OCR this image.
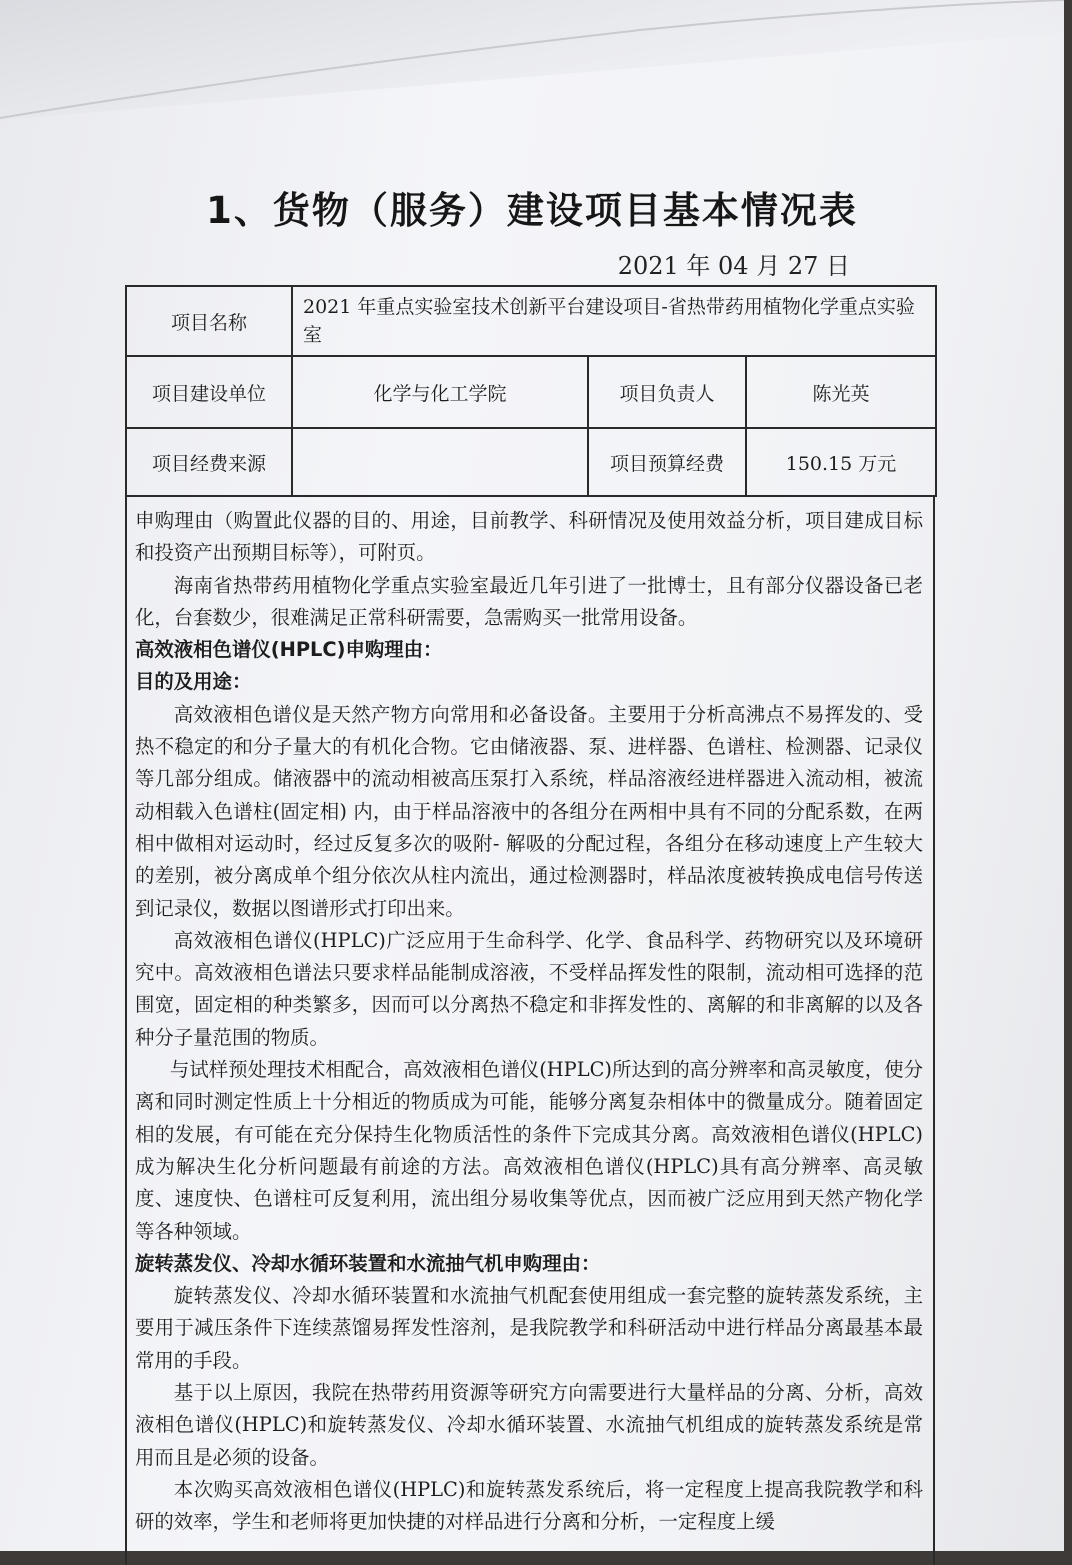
1、货物（服务）建设项目基本情况表
2021 年 04 月 27 日
项目名称	2021 年重点实验室技术创新平台建设项目-省热带药用植物化学重点实验室		
项目建设单位	化学与化工学院	项目负责人	陈光英
项目经费来源		项目预算经费	150.15 万元

申购理由（购置此仪器的目的、用途，目前教学、科研情况及使用效益分析，项目建成目标和投资产出预期目标等），可附页。

海南省热带药用植物化学重点实验室最近几年引进了一批博士，且有部分仪器设备已老化，台套数少，很难满足正常科研需要，急需购买一批常用设备。

高效液相色谱仪(HPLC)申购理由：

目的及用途：

高效液相色谱仪是天然产物方向常用和必备设备。主要用于分析高沸点不易挥发的、受热不稳定的和分子量大的有机化合物。它由储液器、泵、进样器、色谱柱、检测器、记录仪等几部分组成。储液器中的流动相被高压泵打入系统，样品溶液经进样器进入流动相，被流动相载入色谱柱(固定相) 内，由于样品溶液中的各组分在两相中具有不同的分配系数，在两相中做相对运动时，经过反复多次的吸附- 解吸的分配过程，各组分在移动速度上产生较大的差别，被分离成单个组分依次从柱内流出，通过检测器时，样品浓度被转换成电信号传送到记录仪，数据以图谱形式打印出来。

高效液相色谱仪(HPLC)广泛应用于生命科学、化学、食品科学、药物研究以及环境研究中。高效液相色谱法只要求样品能制成溶液，不受样品挥发性的限制，流动相可选择的范围宽，固定相的种类繁多，因而可以分离热不稳定和非挥发性的、离解的和非离解的以及各种分子量范围的物质。

与试样预处理技术相配合，高效液相色谱仪(HPLC)所达到的高分辨率和高灵敏度，使分离和同时测定性质上十分相近的物质成为可能，能够分离复杂相体中的微量成分。随着固定相的发展，有可能在充分保持生化物质活性的条件下完成其分离。高效液相色谱仪(HPLC)成为解决生化分析问题最有前途的方法。高效液相色谱仪(HPLC)具有高分辨率、高灵敏度、速度快、色谱柱可反复利用，流出组分易收集等优点，因而被广泛应用到天然产物化学等各种领域。

旋转蒸发仪、冷却水循环装置和水流抽气机申购理由：

旋转蒸发仪、冷却水循环装置和水流抽气机配套使用组成一套完整的旋转蒸发系统，主要用于减压条件下连续蒸馏易挥发性溶剂，是我院教学和科研活动中进行样品分离最基本最常用的手段。

基于以上原因，我院在热带药用资源等研究方向需要进行大量样品的分离、分析，高效液相色谱仪(HPLC)和旋转蒸发仪、冷却水循环装置、水流抽气机组成的旋转蒸发系统是常用而且是必须的设备。

本次购买高效液相色谱仪(HPLC)和旋转蒸发系统后，将一定程度上提高我院教学和科研的效率，学生和老师将更加快捷的对样品进行分离和分析，一定程度上缓
